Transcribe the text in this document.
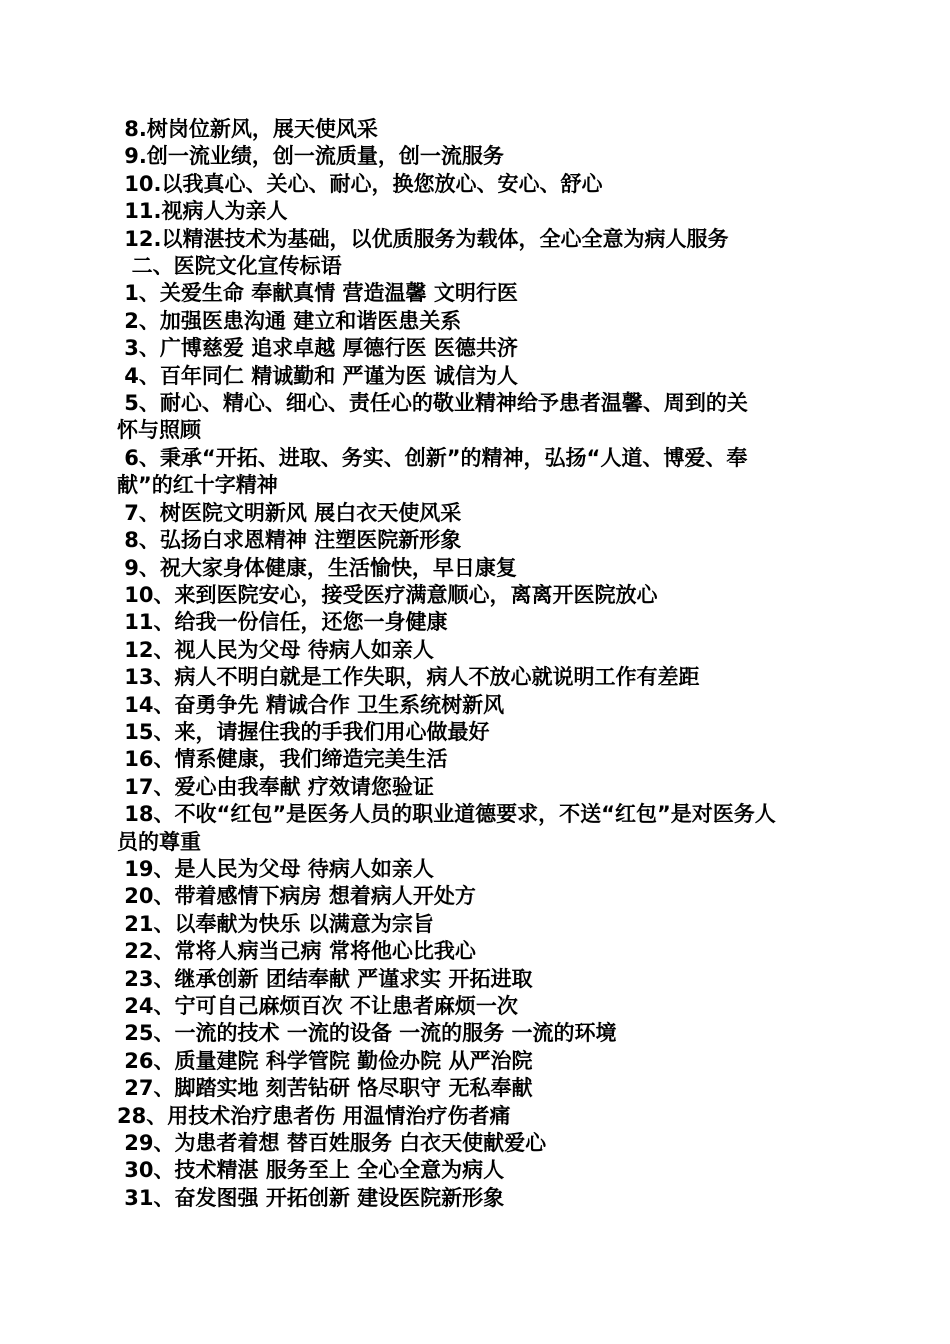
8.树岗位新风，展天使风采
9.创一流业绩，创一流质量，创一流服务
10.以我真心、关心、耐心，换您放心、安心、舒心
11.视病人为亲人
12.以精湛技术为基础，以优质服务为载体，全心全意为病人服务
二、医院文化宣传标语
1、关爱生命 奉献真情 营造温馨 文明行医
2、加强医患沟通 建立和谐医患关系
3、广博慈爱 追求卓越 厚德行医 医德共济
4、百年同仁 精诚勤和 严谨为医 诚信为人
5、耐心、精心、细心、责任心的敬业精神给予患者温馨、周到的关
怀与照顾
6、秉承“开拓、进取、务实、创新”的精神，弘扬“人道、博爱、奉
献”的红十字精神
7、树医院文明新风 展白衣天使风采
8、弘扬白求恩精神 注塑医院新形象
9、祝大家身体健康，生活愉快，早日康复
10、来到医院安心，接受医疗满意顺心，离离开医院放心
11、给我一份信任，还您一身健康
12、视人民为父母 待病人如亲人
13、病人不明白就是工作失职，病人不放心就说明工作有差距
14、奋勇争先 精诚合作 卫生系统树新风
15、来，请握住我的手我们用心做最好
16、情系健康，我们缔造完美生活
17、爱心由我奉献 疗效请您验证
18、不收“红包”是医务人员的职业道德要求，不送“红包”是对医务人
员的尊重
19、是人民为父母 待病人如亲人
20、带着感情下病房 想着病人开处方
21、以奉献为快乐 以满意为宗旨
22、常将人病当己病 常将他心比我心
23、继承创新 团结奉献 严谨求实 开拓进取
24、宁可自己麻烦百次 不让患者麻烦一次
25、一流的技术 一流的设备 一流的服务 一流的环境
26、质量建院 科学管院 勤俭办院 从严治院
27、脚踏实地 刻苦钻研 恪尽职守 无私奉献
28、用技术治疗患者伤 用温情治疗伤者痛
29、为患者着想 替百姓服务 白衣天使献爱心
30、技术精湛 服务至上 全心全意为病人
31、奋发图强 开拓创新 建设医院新形象
